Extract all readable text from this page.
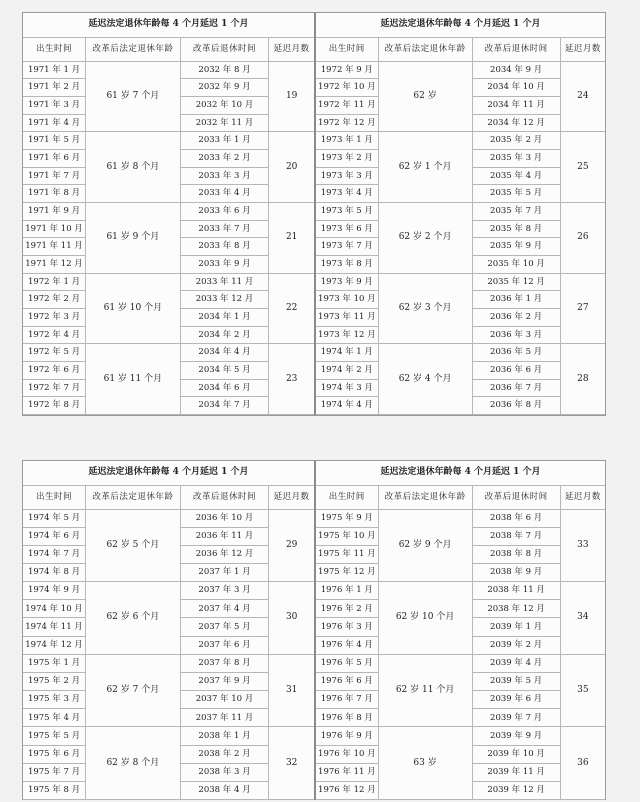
延迟法定退休年龄每 4 个月延迟 1 个月			
出生时间	改革后法定退休年龄	改革后退休时间	延迟月数
1971 年 1 月	61 岁 7 个月	2032 年 8 月	19
1971 年 2 月		2032 年 9 月	
1971 年 3 月		2032 年 10 月	
1971 年 4 月		2032 年 11 月	
1971 年 5 月	61 岁 8 个月	2033 年 1 月	20
1971 年 6 月		2033 年 2 月	
1971 年 7 月		2033 年 3 月	
1971 年 8 月		2033 年 4 月	
1971 年 9 月	61 岁 9 个月	2033 年 6 月	21
1971 年 10 月		2033 年 7 月	
1971 年 11 月		2033 年 8 月	
1971 年 12 月		2033 年 9 月	
1972 年 1 月	61 岁 10 个月	2033 年 11 月	22
1972 年 2 月		2033 年 12 月	
1972 年 3 月		2034 年 1 月	
1972 年 4 月		2034 年 2 月	
1972 年 5 月	61 岁 11 个月	2034 年 4 月	23
1972 年 6 月		2034 年 5 月	
1972 年 7 月		2034 年 6 月	
1972 年 8 月		2034 年 7 月	
延迟法定退休年龄每 4 个月延迟 1 个月			
出生时间	改革后法定退休年龄	改革后退休时间	延迟月数
1972 年 9 月	62 岁	2034 年 9 月	24
1972 年 10 月		2034 年 10 月	
1972 年 11 月		2034 年 11 月	
1972 年 12 月		2034 年 12 月	
1973 年 1 月	62 岁 1 个月	2035 年 2 月	25
1973 年 2 月		2035 年 3 月	
1973 年 3 月		2035 年 4 月	
1973 年 4 月		2035 年 5 月	
1973 年 5 月	62 岁 2 个月	2035 年 7 月	26
1973 年 6 月		2035 年 8 月	
1973 年 7 月		2035 年 9 月	
1973 年 8 月		2035 年 10 月	
1973 年 9 月	62 岁 3 个月	2035 年 12 月	27
1973 年 10 月		2036 年 1 月	
1973 年 11 月		2036 年 2 月	
1973 年 12 月		2036 年 3 月	
1974 年 1 月	62 岁 4 个月	2036 年 5 月	28
1974 年 2 月		2036 年 6 月	
1974 年 3 月		2036 年 7 月	
1974 年 4 月		2036 年 8 月	
延迟法定退休年龄每 4 个月延迟 1 个月			
出生时间	改革后法定退休年龄	改革后退休时间	延迟月数
1974 年 5 月	62 岁 5 个月	2036 年 10 月	29
1974 年 6 月		2036 年 11 月	
1974 年 7 月		2036 年 12 月	
1974 年 8 月		2037 年 1 月	
1974 年 9 月	62 岁 6 个月	2037 年 3 月	30
1974 年 10 月		2037 年 4 月	
1974 年 11 月		2037 年 5 月	
1974 年 12 月		2037 年 6 月	
1975 年 1 月	62 岁 7 个月	2037 年 8 月	31
1975 年 2 月		2037 年 9 月	
1975 年 3 月		2037 年 10 月	
1975 年 4 月		2037 年 11 月	
1975 年 5 月	62 岁 8 个月	2038 年 1 月	32
1975 年 6 月		2038 年 2 月	
1975 年 7 月		2038 年 3 月	
1975 年 8 月		2038 年 4 月	
延迟法定退休年龄每 4 个月延迟 1 个月			
出生时间	改革后法定退休年龄	改革后退休时间	延迟月数
1975 年 9 月	62 岁 9 个月	2038 年 6 月	33
1975 年 10 月		2038 年 7 月	
1975 年 11 月		2038 年 8 月	
1975 年 12 月		2038 年 9 月	
1976 年 1 月	62 岁 10 个月	2038 年 11 月	34
1976 年 2 月		2038 年 12 月	
1976 年 3 月		2039 年 1 月	
1976 年 4 月		2039 年 2 月	
1976 年 5 月	62 岁 11 个月	2039 年 4 月	35
1976 年 6 月		2039 年 5 月	
1976 年 7 月		2039 年 6 月	
1976 年 8 月		2039 年 7 月	
1976 年 9 月	63 岁	2039 年 9 月	36
1976 年 10 月		2039 年 10 月	
1976 年 11 月		2039 年 11 月	
1976 年 12 月		2039 年 12 月	
